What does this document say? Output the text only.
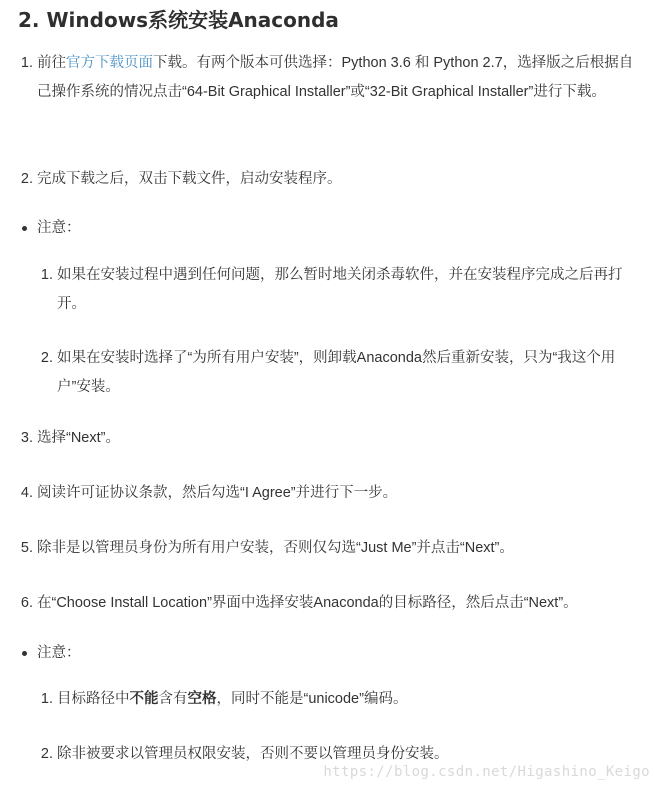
2. Windows系统安装Anaconda
1. 前往官方下载页面下载。有两个版本可供选择：Python 3.6 和 Python 2.7，选择版之后根据自己操作系统的情况点击“64-Bit Graphical Installer”或“32-Bit Graphical Installer”进行下载。
2. 完成下载之后，双击下载文件，启动安装程序。
注意：
1. 如果在安装过程中遇到任何问题，那么暂时地关闭杀毒软件，并在安装程序完成之后再打开。
2. 如果在安装时选择了“为所有用户安装”，则卸载Anaconda然后重新安装，只为“我这个用户”安装。
3. 选择“Next”。
4. 阅读许可证协议条款，然后勾选“I Agree”并进行下一步。
5. 除非是以管理员身份为所有用户安装，否则仅勾选“Just Me”并点击“Next”。
6. 在“Choose Install Location”界面中选择安装Anaconda的目标路径，然后点击“Next”。
注意：
1. 目标路径中不能含有空格，同时不能是“unicode”编码。
2. 除非被要求以管理员权限安装，否则不要以管理员身份安装。
https://blog.csdn.net/Higashino_Keigo
